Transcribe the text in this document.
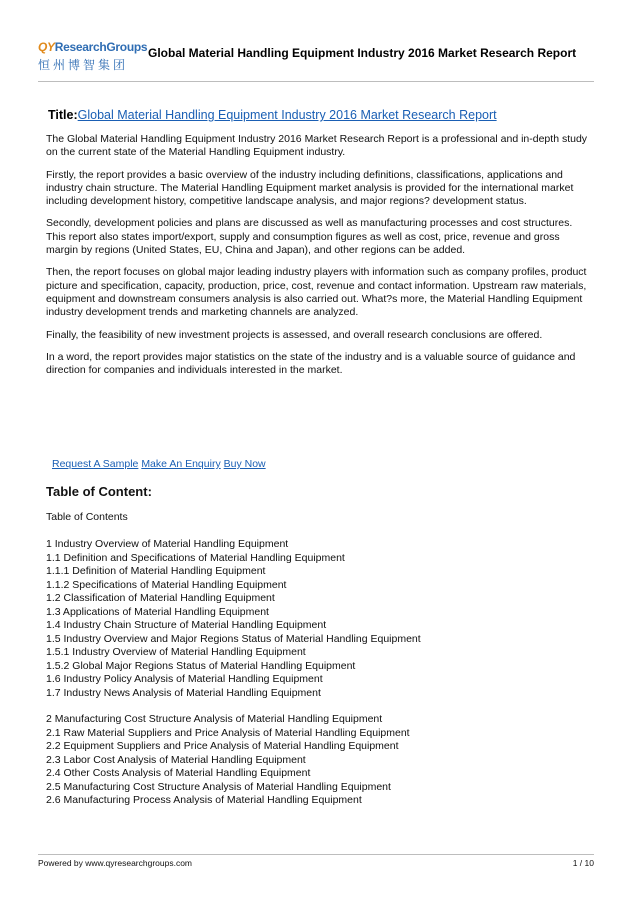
QYResearchGroups
恒州博智集团
Global Material Handling Equipment Industry 2016 Market Research Report
Title:Global Material Handling Equipment Industry 2016 Market Research Report

The Global Material Handling Equipment Industry 2016 Market Research Report is a professional and in-depth study on the current state of the Material Handling Equipment industry.

Firstly, the report provides a basic overview of the industry including definitions, classifications, applications and industry chain structure. The Material Handling Equipment market analysis is provided for the international market including development history, competitive landscape analysis, and major regions? development status.

Secondly, development policies and plans are discussed as well as manufacturing processes and cost structures. This report also states import/export, supply and consumption figures as well as cost, price, revenue and gross margin by regions (United States, EU, China and Japan), and other regions can be added.

Then, the report focuses on global major leading industry players with information such as company profiles, product picture and specification, capacity, production, price, cost, revenue and contact information. Upstream raw materials, equipment and downstream consumers analysis is also carried out. What?s more, the Material Handling Equipment industry development trends and marketing channels are analyzed.

Finally, the feasibility of new investment projects is assessed, and overall research conclusions are offered.

In a word, the report provides major statistics on the state of the industry and is a valuable source of guidance and direction for companies and individuals interested in the market.

Request A Sample Make An Enquiry Buy Now
Table of Content:
Table of Contents
1 Industry Overview of Material Handling Equipment
1.1 Definition and Specifications of Material Handling Equipment
1.1.1 Definition of Material Handling Equipment
1.1.2 Specifications of Material Handling Equipment
1.2 Classification of Material Handling Equipment
1.3 Applications of Material Handling Equipment
1.4 Industry Chain Structure of Material Handling Equipment
1.5 Industry Overview and Major Regions Status of Material Handling Equipment
1.5.1 Industry Overview of Material Handling Equipment
1.5.2 Global Major Regions Status of Material Handling Equipment
1.6 Industry Policy Analysis of Material Handling Equipment
1.7 Industry News Analysis of Material Handling Equipment
2 Manufacturing Cost Structure Analysis of Material Handling Equipment
2.1 Raw Material Suppliers and Price Analysis of Material Handling Equipment
2.2 Equipment Suppliers and Price Analysis of Material Handling Equipment
2.3 Labor Cost Analysis of Material Handling Equipment
2.4 Other Costs Analysis of Material Handling Equipment
2.5 Manufacturing Cost Structure Analysis of Material Handling Equipment
2.6 Manufacturing Process Analysis of Material Handling Equipment
Powered by www.qyresearchgroups.com	1 / 10
